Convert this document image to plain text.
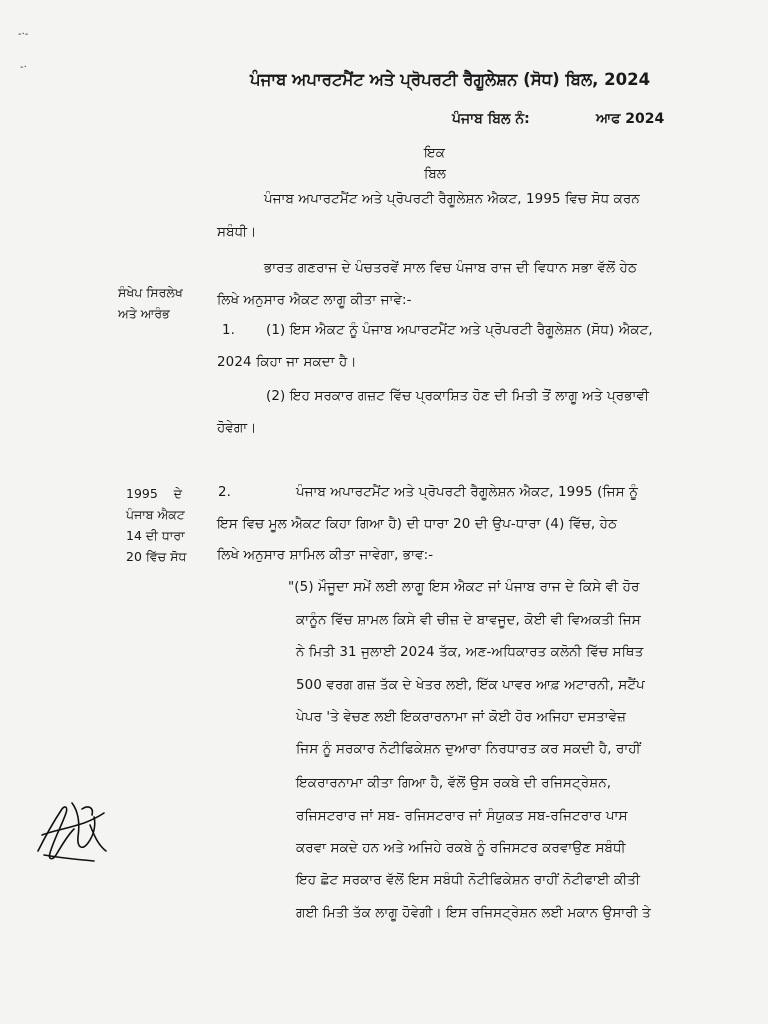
-·-
-·
ਪੰਜਾਬ ਅਪਾਰਟਮੈਂਟ ਅਤੇ ਪ੍ਰੋਪਰਟੀ ਰੈਗੂਲੇਸ਼ਨ (ਸੋਧ) ਬਿਲ, 2024
ਪੰਜਾਬ ਬਿਲ ਨੰ:	ਆਫ 2024
ਇਕ
ਬਿਲ
ਪੰਜਾਬ ਅਪਾਰਟਮੈਂਟ ਅਤੇ ਪ੍ਰੋਪਰਟੀ ਰੈਗੂਲੇਸ਼ਨ ਐਕਟ, 1995 ਵਿਚ ਸੋਧ ਕਰਨ
ਸਬੰਧੀ।
ਭਾਰਤ ਗਣਰਾਜ ਦੇ ਪੰਚਤਰਵੇਂ ਸਾਲ ਵਿਚ ਪੰਜਾਬ ਰਾਜ ਦੀ ਵਿਧਾਨ ਸਭਾ ਵੱਲੋਂ ਹੇਠ
ਲਿਖੇ ਅਨੁਸਾਰ ਐਕਟ ਲਾਗੂ ਕੀਤਾ ਜਾਵੇ:-
ਸੰਖੇਪ ਸਿਰਲੇਖ
ਅਤੇ ਆਰੰਭ
1. (1) ਇਸ ਐਕਟ ਨੂੰ ਪੰਜਾਬ ਅਪਾਰਟਮੈਂਟ ਅਤੇ ਪ੍ਰੋਪਰਟੀ ਰੈਗੂਲੇਸ਼ਨ (ਸੋਧ) ਐਕਟ,
2024 ਕਿਹਾ ਜਾ ਸਕਦਾ ਹੈ।
(2) ਇਹ ਸਰਕਾਰ ਗਜ਼ਟ ਵਿੱਚ ਪ੍ਰਕਾਸ਼ਿਤ ਹੋਣ ਦੀ ਮਿਤੀ ਤੋਂ ਲਾਗੂ ਅਤੇ ਪ੍ਰਭਾਵੀ
ਹੋਵੇਗਾ।
1995    ਦੇ
ਪੰਜਾਬ ਐਕਟ
14 ਦੀ ਧਾਰਾ
20 ਵਿੱਚ ਸੋਧ
2.	ਪੰਜਾਬ ਅਪਾਰਟਮੈਂਟ ਅਤੇ ਪ੍ਰੋਪਰਟੀ ਰੈਗੂਲੇਸ਼ਨ ਐਕਟ, 1995 (ਜਿਸ ਨੂੰ
ਇਸ ਵਿਚ ਮੂਲ ਐਕਟ ਕਿਹਾ ਗਿਆ ਹੈ) ਦੀ ਧਾਰਾ 20 ਦੀ ਉਪ-ਧਾਰਾ (4) ਵਿੱਚ, ਹੇਠ
ਲਿਖੇ ਅਨੁਸਾਰ ਸ਼ਾਮਿਲ ਕੀਤਾ ਜਾਵੇਗਾ, ਭਾਵ:-
"(5) ਮੌਜੂਦਾ ਸਮੇਂ ਲਈ ਲਾਗੂ ਇਸ ਐਕਟ ਜਾਂ ਪੰਜਾਬ ਰਾਜ ਦੇ ਕਿਸੇ ਵੀ ਹੋਰ
ਕਾਨੂੰਨ ਵਿੱਚ ਸ਼ਾਮਲ ਕਿਸੇ ਵੀ ਚੀਜ਼ ਦੇ ਬਾਵਜੂਦ, ਕੋਈ ਵੀ ਵਿਅਕਤੀ ਜਿਸ
ਨੇ ਮਿਤੀ 31 ਜੁਲਾਈ 2024 ਤੱਕ, ਅਣ-ਅਧਿਕਾਰਤ ਕਲੋਨੀ ਵਿੱਚ ਸਥਿਤ
500 ਵਰਗ ਗਜ਼ ਤੱਕ ਦੇ ਖੇਤਰ ਲਈ, ਇੱਕ ਪਾਵਰ ਆਫ਼ ਅਟਾਰਨੀ, ਸਟੈਂਪ
ਪੇਪਰ 'ਤੇ ਵੇਚਣ ਲਈ ਇਕਰਾਰਨਾਮਾ ਜਾਂ ਕੋਈ ਹੋਰ ਅਜਿਹਾ ਦਸਤਾਵੇਜ਼
ਜਿਸ ਨੂੰ ਸਰਕਾਰ ਨੋਟੀਫਿਕੇਸ਼ਨ ਦੁਆਰਾ ਨਿਰਧਾਰਤ ਕਰ ਸਕਦੀ ਹੈ, ਰਾਹੀਂ
ਇਕਰਾਰਨਾਮਾ ਕੀਤਾ ਗਿਆ ਹੈ, ਵੱਲੋਂ ਉਸ ਰਕਬੇ ਦੀ ਰਜਿਸਟ੍ਰੇਸ਼ਨ,
ਰਜਿਸਟਰਾਰ ਜਾਂ ਸਬ- ਰਜਿਸਟਰਾਰ ਜਾਂ ਸੰਯੁਕਤ ਸਬ-ਰਜਿਟਰਾਰ ਪਾਸ
ਕਰਵਾ ਸਕਦੇ ਹਨ ਅਤੇ ਅਜਿਹੇ ਰਕਬੇ ਨੂੰ ਰਜਿਸਟਰ ਕਰਵਾਉਣ ਸਬੰਧੀ
ਇਹ ਛੋਟ ਸਰਕਾਰ ਵੱਲੋਂ ਇਸ ਸਬੰਧੀ ਨੋਟੀਫਿਕੇਸ਼ਨ ਰਾਹੀਂ ਨੋਟੀਫਾਈ ਕੀਤੀ
ਗਈ ਮਿਤੀ ਤੱਕ ਲਾਗੂ ਹੋਵੇਗੀ। ਇਸ ਰਜਿਸਟ੍ਰੇਸ਼ਨ ਲਈ ਮਕਾਨ ਉਸਾਰੀ ਤੇ
